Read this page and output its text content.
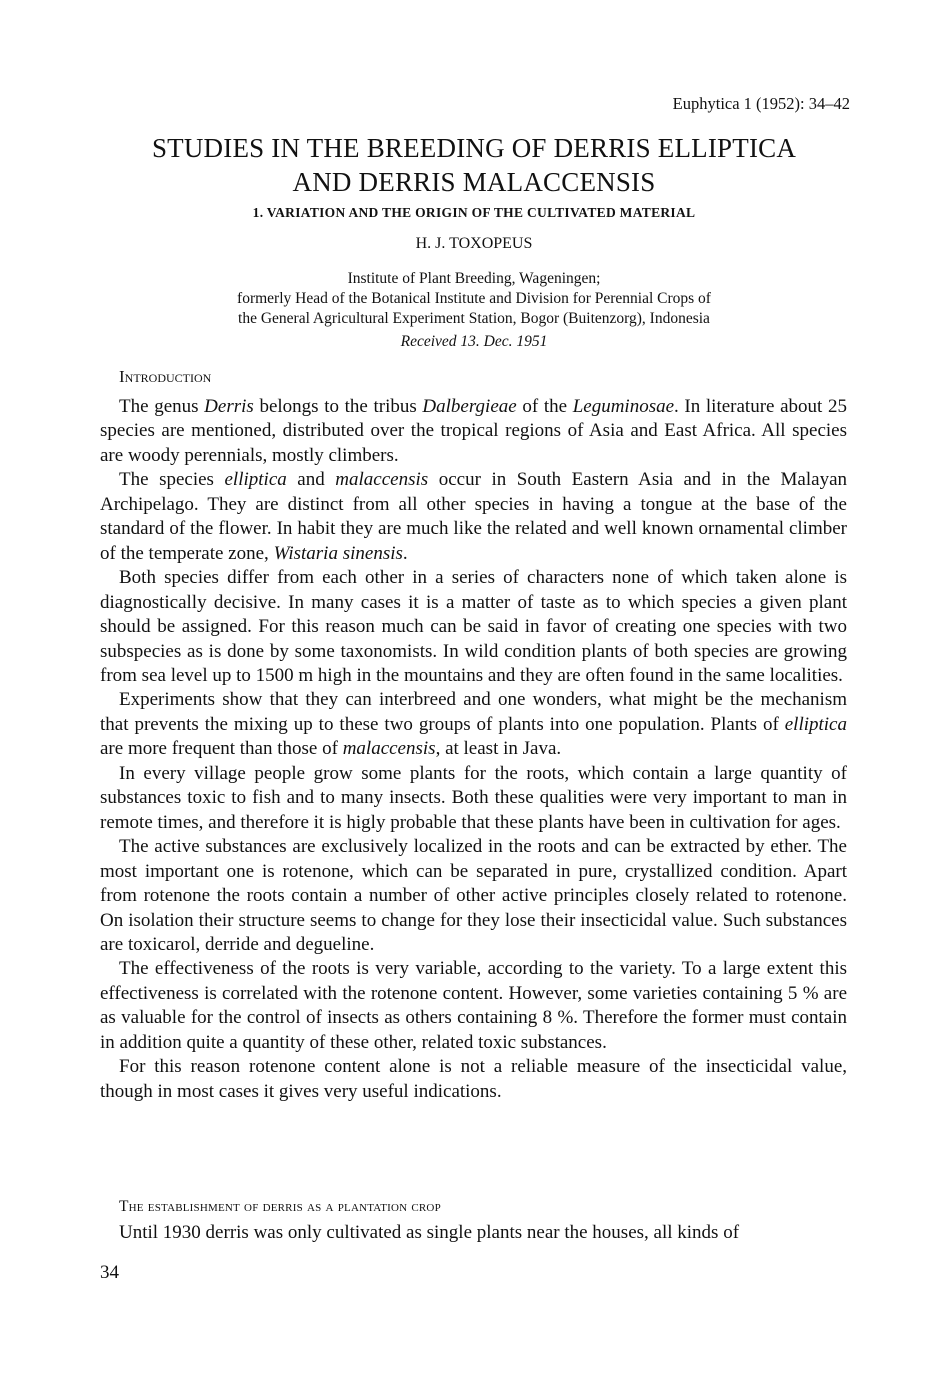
Euphytica 1 (1952): 34–42
STUDIES IN THE BREEDING OF DERRIS ELLIPTICA
AND DERRIS MALACCENSIS
1. VARIATION AND THE ORIGIN OF THE CULTIVATED MATERIAL
H. J. TOXOPEUS
Institute of Plant Breeding, Wageningen;
formerly Head of the Botanical Institute and Division for Perennial Crops of
the General Agricultural Experiment Station, Bogor (Buitenzorg), Indonesia
Received 13. Dec. 1951
Introduction

The genus Derris belongs to the tribus Dalbergieae of the Leguminosae. In literature about 25 species are mentioned, distributed over the tropical regions of Asia and East Africa. All species are woody perennials, mostly climbers.

The species elliptica and malaccensis occur in South Eastern Asia and in the Malayan Archipelago. They are distinct from all other species in having a tongue at the base of the standard of the flower. In habit they are much like the related and well known ornamental climber of the temperate zone, Wistaria sinensis.

Both species differ from each other in a series of characters none of which taken alone is diagnostically decisive. In many cases it is a matter of taste as to which species a given plant should be assigned. For this reason much can be said in favor of creating one species with two subspecies as is done by some taxonomists. In wild condition plants of both species are growing from sea level up to 1500 m high in the mountains and they are often found in the same localities.

Experiments show that they can interbreed and one wonders, what might be the mechanism that prevents the mixing up to these two groups of plants into one population. Plants of elliptica are more frequent than those of malaccensis, at least in Java.

In every village people grow some plants for the roots, which contain a large quantity of substances toxic to fish and to many insects. Both these qualities were very important to man in remote times, and therefore it is higly probable that these plants have been in cultivation for ages.

The active substances are exclusively localized in the roots and can be extracted by ether. The most important one is rotenone, which can be separated in pure, crystallized condition. Apart from rotenone the roots contain a number of other active principles closely related to rotenone. On isolation their structure seems to change for they lose their insecticidal value. Such substances are toxicarol, derride and degueline.

The effectiveness of the roots is very variable, according to the variety. To a large extent this effectiveness is correlated with the rotenone content. However, some varieties containing 5 % are as valuable for the control of insects as others containing 8 %. Therefore the former must contain in addition quite a quantity of these other, related toxic substances.

For this reason rotenone content alone is not a reliable measure of the insecticidal value, though in most cases it gives very useful indications.

The establishment of derris as a plantation crop
Until 1930 derris was only cultivated as single plants near the houses, all kinds of
34
